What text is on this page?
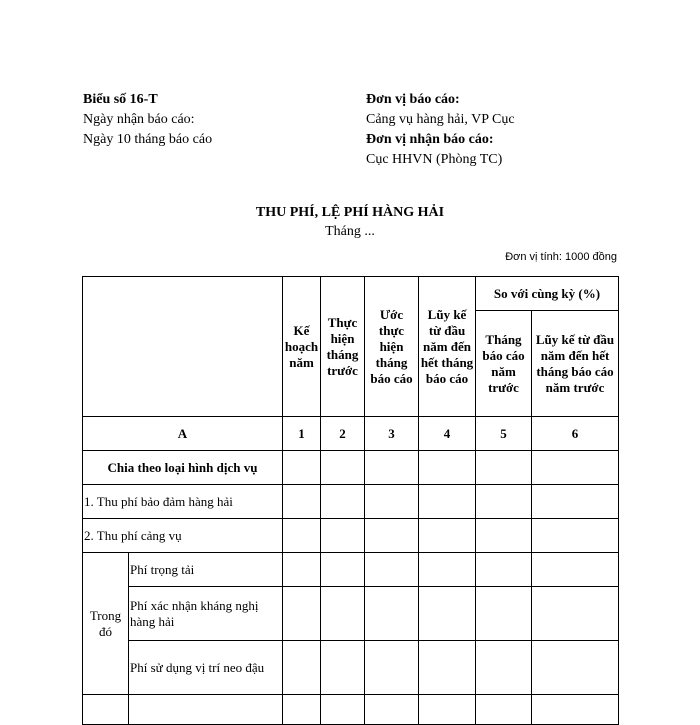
Biểu số 16-T
Ngày nhận báo cáo:
Ngày 10 tháng báo cáo
Đơn vị báo cáo:
Cảng vụ hàng hải, VP Cục
Đơn vị nhận báo cáo:
Cục HHVN (Phòng TC)
THU PHÍ, LỆ PHÍ HÀNG HẢI
Tháng ...
Đơn vị tính: 1000 đồng
		Kế hoạch năm	Thực hiện tháng trước	Ước thực hiện tháng báo cáo	Lũy kế từ đầu năm đến hết tháng báo cáo	So với cùng kỳ (%)	
						Tháng báo cáo năm trước	Lũy kế từ đầu năm đến hết tháng báo cáo năm trước
A		1	2	3	4	5	6
Chia theo loại hình dịch vụ							
1. Thu phí bảo đảm hàng hải							
2. Thu phí cảng vụ							
Trong đó	Phí trọng tải						
	Phí xác nhận kháng nghị hàng hải						
	Phí sử dụng vị trí neo đậu						
